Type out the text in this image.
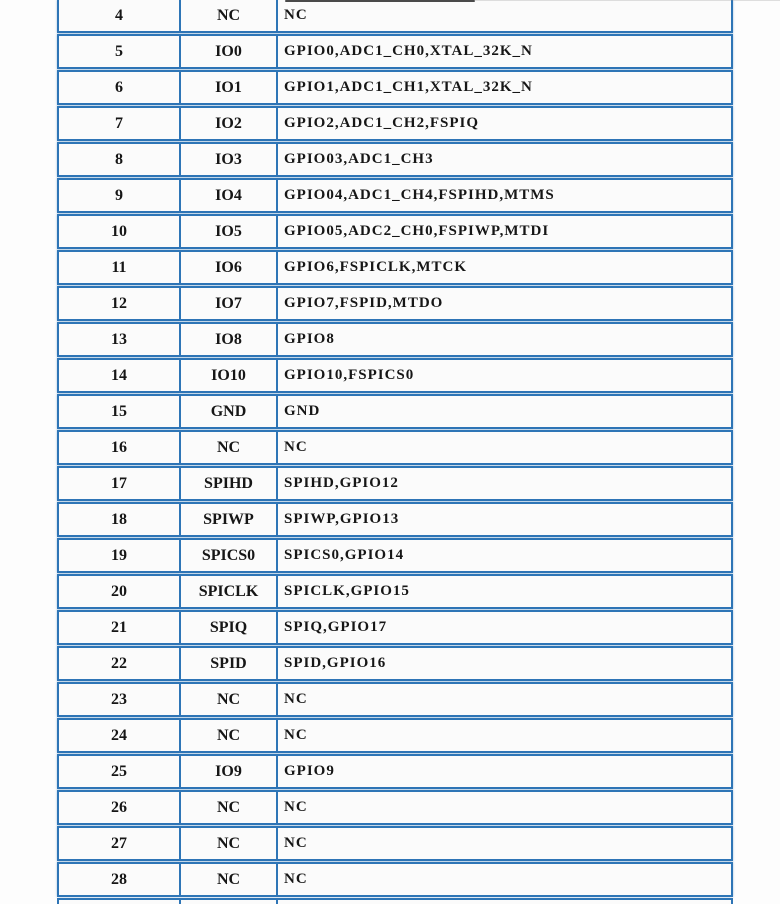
4	NC	NC
5	IO0	GPIO0,ADC1_CH0,XTAL_32K_N
6	IO1	GPIO1,ADC1_CH1,XTAL_32K_N
7	IO2	GPIO2,ADC1_CH2,FSPIQ
8	IO3	GPIO03,ADC1_CH3
9	IO4	GPIO04,ADC1_CH4,FSPIHD,MTMS
10	IO5	GPIO05,ADC2_CH0,FSPIWP,MTDI
11	IO6	GPIO6,FSPICLK,MTCK
12	IO7	GPIO7,FSPID,MTDO
13	IO8	GPIO8
14	IO10	GPIO10,FSPICS0
15	GND	GND
16	NC	NC
17	SPIHD	SPIHD,GPIO12
18	SPIWP	SPIWP,GPIO13
19	SPICS0	SPICS0,GPIO14
20	SPICLK	SPICLK,GPIO15
21	SPIQ	SPIQ,GPIO17
22	SPID	SPID,GPIO16
23	NC	NC
24	NC	NC
25	IO9	GPIO9
26	NC	NC
27	NC	NC
28	NC	NC
